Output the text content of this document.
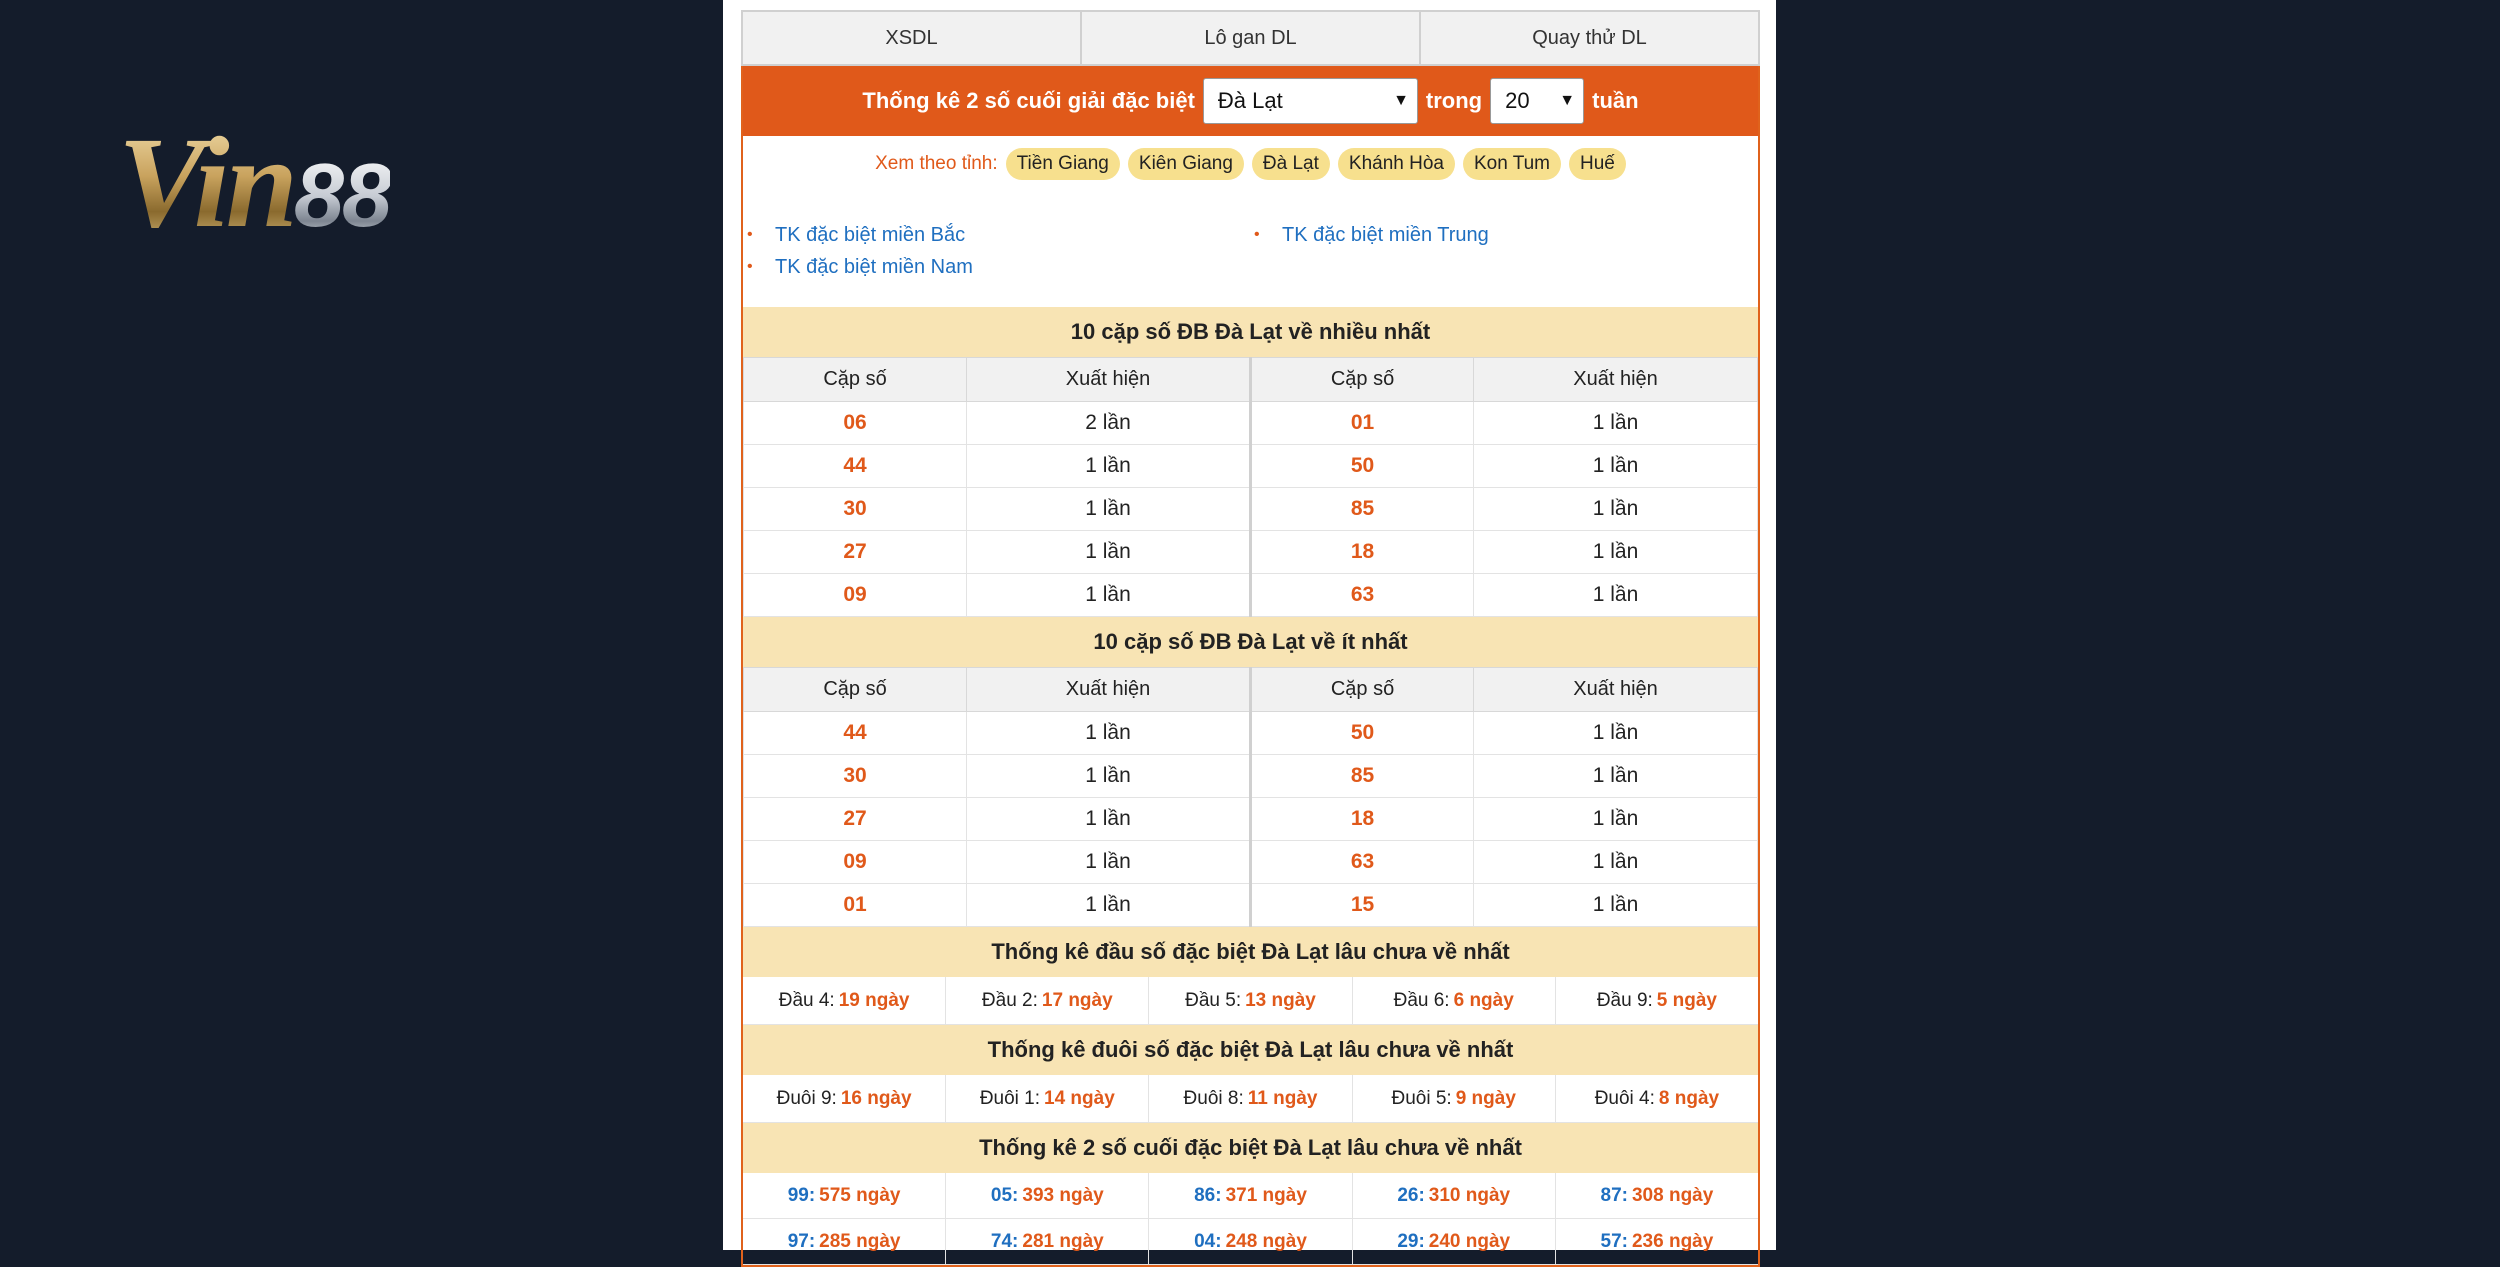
Vin88
XSDL	Lô gan DL	Quay thử DL
Thống kê 2 số cuối giải đặc biệt Đà Lạt	▼ trong 20 ▼ tuần
Xem theo tỉnh:	Tiền Giang	Kiên Giang	Đà Lạt	Khánh Hòa	Kon Tum	Huế
• TK đặc biệt miền Bắc	• TK đặc biệt miền Trung
• TK đặc biệt miền Nam
10 cặp số ĐB Đà Lạt về nhiều nhất
Cặp số	Xuất hiện	Cặp số	Xuất hiện
06	2 lần	01	1 lần
44	1 lần	50	1 lần
30	1 lần	85	1 lần
27	1 lần	18	1 lần
09	1 lần	63	1 lần
10 cặp số ĐB Đà Lạt về ít nhất
Cặp số	Xuất hiện	Cặp số	Xuất hiện
44	1 lần	50	1 lần
30	1 lần	85	1 lần
27	1 lần	18	1 lần
09	1 lần	63	1 lần
01	1 lần	15	1 lần
Thống kê đầu số đặc biệt Đà Lạt lâu chưa về nhất
Đầu 4: 19 ngày	Đầu 2: 17 ngày	Đầu 5: 13 ngày	Đầu 6: 6 ngày	Đầu 9: 5 ngày
Thống kê đuôi số đặc biệt Đà Lạt lâu chưa về nhất
Đuôi 9: 16 ngày	Đuôi 1: 14 ngày	Đuôi 8: 11 ngày	Đuôi 5: 9 ngày	Đuôi 4: 8 ngày
Thống kê 2 số cuối đặc biệt Đà Lạt lâu chưa về nhất
99 : 575 ngày	05 : 393 ngày	86 : 371 ngày	26 : 310 ngày	87 : 308 ngày
97 : 285 ngày	74 : 281 ngày	04 : 248 ngày	29 : 240 ngày	57 : 236 ngày
